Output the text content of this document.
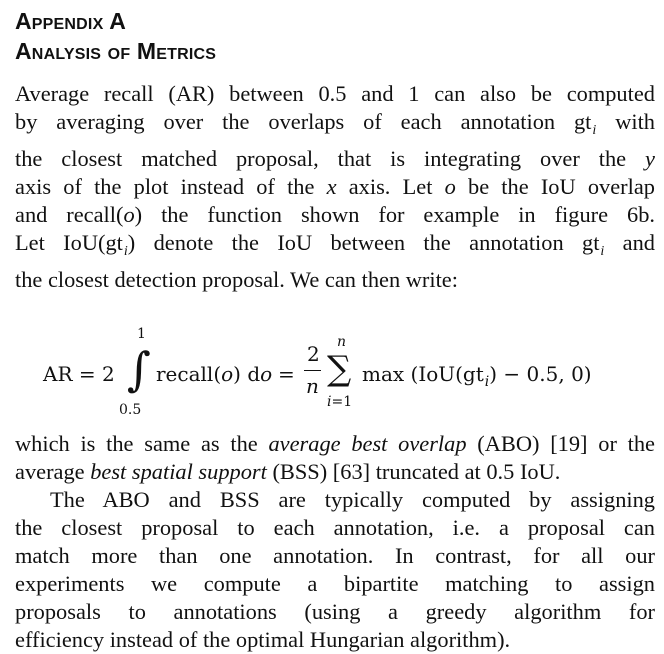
Appendix A
Analysis of Metrics

Average recall (AR) between 0.5 and 1 can also be computed
by averaging over the overlaps of each annotation $gt_i$ with
the closest matched proposal, that is integrating over the y
axis of the plot instead of the x axis. Let o be the IoU overlap
and recall(o) the function shown for example in figure 6b.
Let $IoU(gt_i)$ denote the IoU between the annotation $gt_i$ and
the closest detection proposal. We can then write:

AR = 2
1
∫
0.5
recall(o) do =
2
n
n
∑
i=1
$\max (IoU(gt_i) - 0.5$, 0)

which is the same as the average best overlap (ABO) [19] or the
average best spatial support (BSS) [63] truncated at 0.5 IoU.
The ABO and BSS are typically computed by assigning
the closest proposal to each annotation, i.e. a proposal can
match more than one annotation. In contrast, for all our
experiments we compute a bipartite matching to assign
proposals to annotations (using a greedy algorithm for
efficiency instead of the optimal Hungarian algorithm).
